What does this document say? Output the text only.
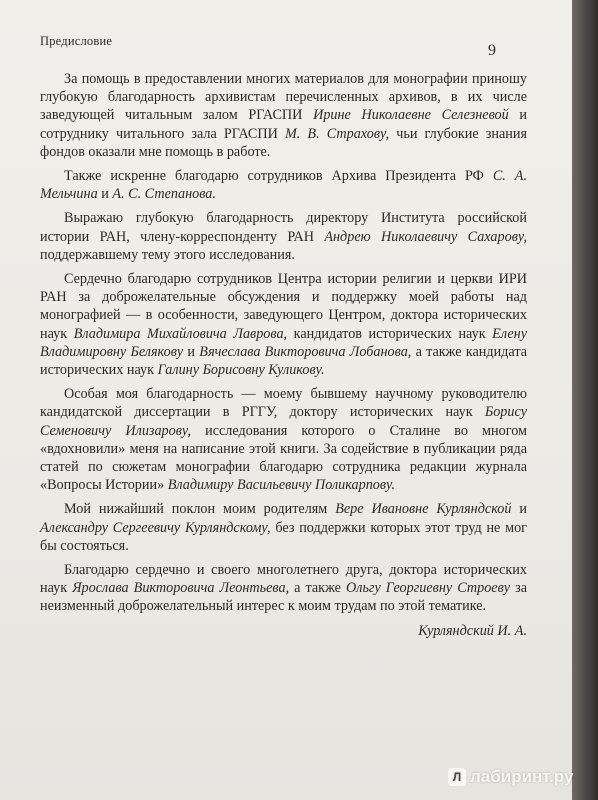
Предисловие
9

За помощь в предоставлении многих материалов для монографии приношу глубокую благодарность архивистам перечисленных архивов, в их числе заведующей читальным залом РГАСПИ Ирине Николаевне Селезневой и сотруднику читального зала РГАСПИ М. В. Страхову, чьи глубокие знания фондов оказали мне помощь в работе.

Также искренне благодарю сотрудников Архива Президента РФ С. А. Мельчина и А. С. Степанова.

Выражаю глубокую благодарность директору Института российской истории РАН, члену-корреспонденту РАН Андрею Николаевичу Сахарову, поддержавшему тему этого исследования.

Сердечно благодарю сотрудников Центра истории религии и церкви ИРИ РАН за доброжелательные обсуждения и поддержку моей работы над монографией — в особенности, заведующего Центром, доктора исторических наук Владимира Михайловича Лаврова, кандидатов исторических наук Елену Владимировну Белякову и Вячеслава Викторовича Лобанова, а также кандидата исторических наук Галину Борисовну Куликову.

Особая моя благодарность — моему бывшему научному руководителю кандидатской диссертации в РГГУ, доктору исторических наук Борису Семеновичу Илизарову, исследования которого о Сталине во многом «вдохновили» меня на написание этой книги. За содействие в публикации ряда статей по сюжетам монографии благодарю сотрудника редакции журнала «Вопросы Истории» Владимиру Васильевичу Поликарпову.

Мой нижайший поклон моим родителям Вере Ивановне Курляндской и Александру Сергеевичу Курляндскому, без поддержки которых этот труд не мог бы состояться.

Благодарю сердечно и своего многолетнего друга, доктора исторических наук Ярослава Викторовича Леонтьева, а также Ольгу Георгиевну Строеву за неизменный доброжелательный интерес к моим трудам по этой тематике.

Курляндский И. А.

Л лабиринт.ру
